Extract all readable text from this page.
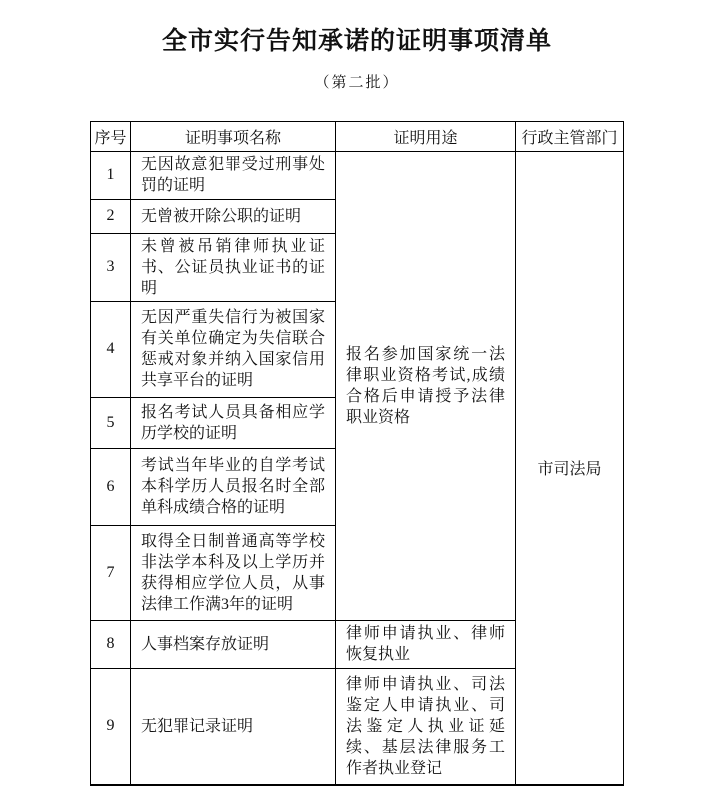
全市实行告知承诺的证明事项清单
（第二批）
序号	证明事项名称	证明用途	行政主管部门
1	无因故意犯罪受过刑事处罚的证明	报名参加国家统一法律职业资格考试,成绩合格后申请授予法律职业资格	市司法局
2	无曾被开除公职的证明		

3	未曾被吊销律师执业证书、公证员执业证书的证明		

4	无因严重失信行为被国家有关单位确定为失信联合惩戒对象并纳入国家信用共享平台的证明		

5	报名考试人员具备相应学历学校的证明		

6	考试当年毕业的自学考试本科学历人员报名时全部单科成绩合格的证明		

7	取得全日制普通高等学校非法学本科及以上学历并获得相应学位人员，从事法律工作满3年的证明		

8	人事档案存放证明	律师申请执业、律师恢复执业	

9	无犯罪记录证明	律师申请执业、司法鉴定人申请执业、司法鉴定人执业证延续、基层法律服务工作者执业登记	
